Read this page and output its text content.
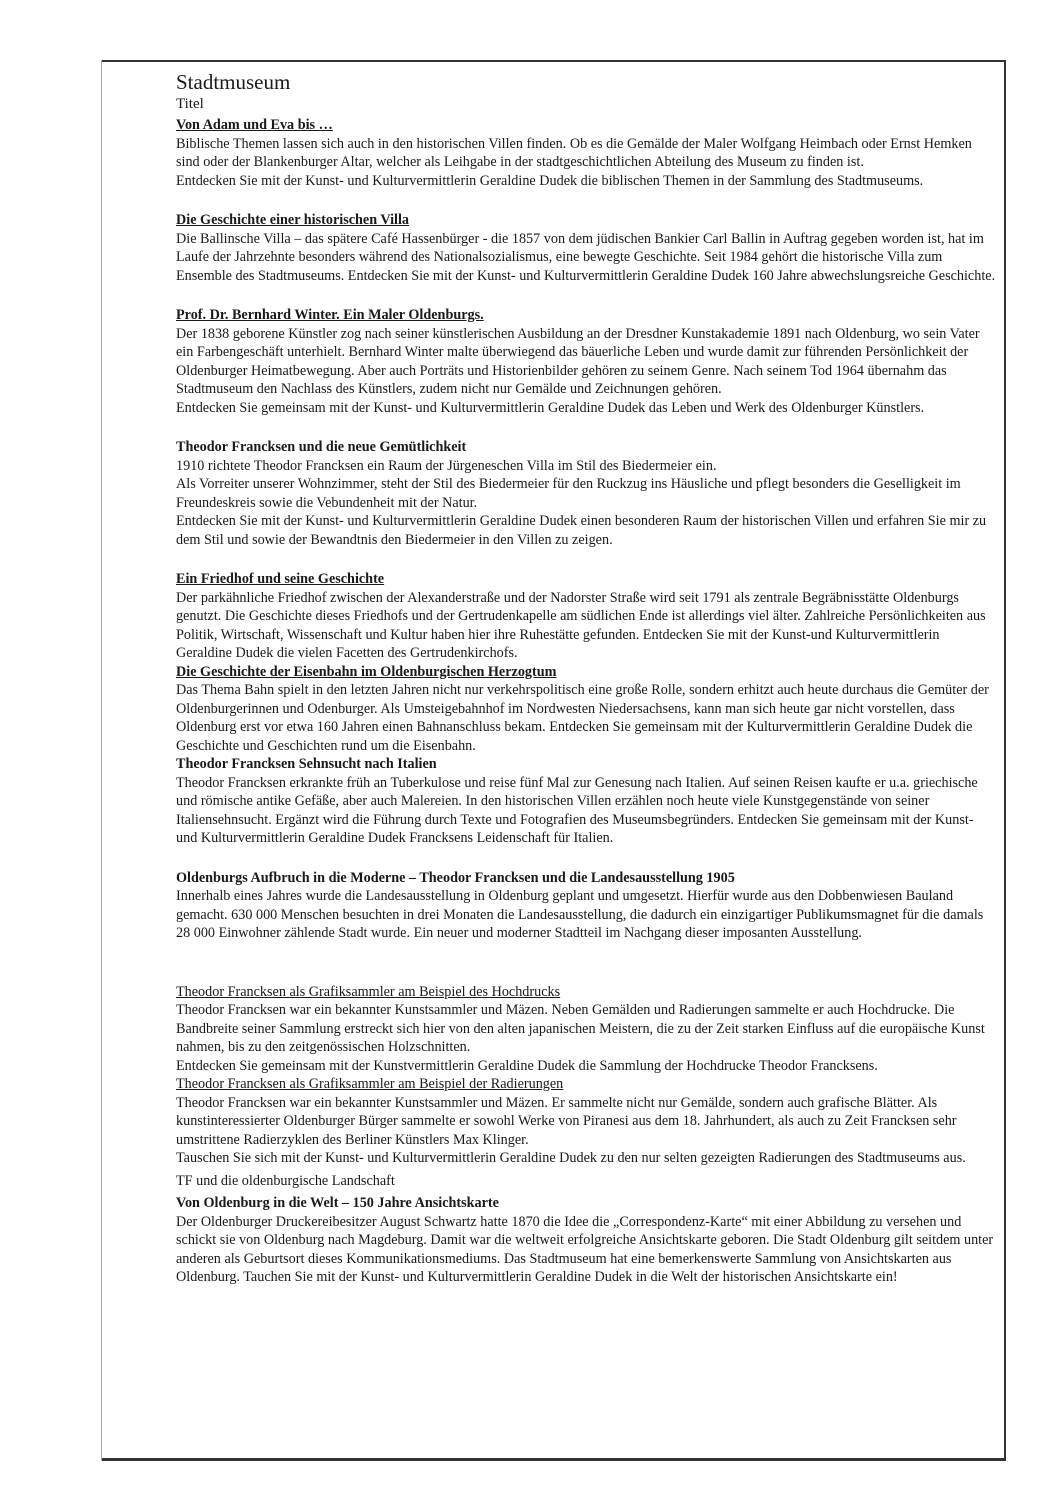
Stadtmuseum

Titel

Von Adam und Eva bis …

Biblische Themen lassen sich auch in den historischen Villen finden. Ob es die Gemälde der Maler Wolfgang Heimbach oder Ernst Hemken sind oder der Blankenburger Altar, welcher als Leihgabe in der stadtgeschichtlichen Abteilung des Museum zu finden ist.

Entdecken Sie mit der Kunst- und Kulturvermittlerin Geraldine Dudek die biblischen Themen in der Sammlung des Stadtmuseums.

Die Geschichte einer historischen Villa

Die Ballinsche Villa – das spätere Café Hassenbürger - die 1857 von dem jüdischen Bankier Carl Ballin in Auftrag gegeben worden ist, hat im Laufe der Jahrzehnte besonders während des Nationalsozialismus, eine bewegte Geschichte. Seit 1984 gehört die historische Villa zum Ensemble des Stadtmuseums. Entdecken Sie mit der Kunst- und Kulturvermittlerin Geraldine Dudek 160 Jahre abwechslungsreiche Geschichte.

Prof. Dr. Bernhard Winter. Ein Maler Oldenburgs.

Der 1838 geborene Künstler zog nach seiner künstlerischen Ausbildung an der Dresdner Kunstakademie 1891 nach Oldenburg, wo sein Vater ein Farbengeschäft unterhielt. Bernhard Winter malte überwiegend das bäuerliche Leben und wurde damit zur führenden Persönlichkeit der Oldenburger Heimatbewegung. Aber auch Porträts und Historienbilder gehören zu seinem Genre. Nach seinem Tod 1964 übernahm das Stadtmuseum den Nachlass des Künstlers, zudem nicht nur Gemälde und Zeichnungen gehören.

Entdecken Sie gemeinsam mit der Kunst- und Kulturvermittlerin Geraldine Dudek das Leben und Werk des Oldenburger Künstlers.

Theodor Francksen und die neue Gemütlichkeit

1910 richtete Theodor Francksen ein Raum der Jürgeneschen Villa im Stil des Biedermeier ein.

Als Vorreiter unserer Wohnzimmer, steht der Stil des Biedermeier für den Ruckzug ins Häusliche und pflegt besonders die Geselligkeit im Freundeskreis sowie die Vebundenheit mit der Natur.

Entdecken Sie mit der Kunst- und Kulturvermittlerin Geraldine Dudek einen besonderen Raum der historischen Villen und erfahren Sie mir zu dem Stil und sowie der Bewandtnis den Biedermeier in den Villen zu zeigen.

Ein Friedhof und seine Geschichte

Der parkähnliche Friedhof zwischen der Alexanderstraße und der Nadorster Straße wird seit 1791 als zentrale Begräbnisstätte Oldenburgs genutzt. Die Geschichte dieses Friedhofs und der Gertrudenkapelle am südlichen Ende ist allerdings viel älter. Zahlreiche Persönlichkeiten aus Politik, Wirtschaft, Wissenschaft und Kultur haben hier ihre Ruhestätte gefunden. Entdecken Sie mit der Kunst-und Kulturvermittlerin Geraldine Dudek die vielen Facetten des Gertrudenkirchofs.

Die Geschichte der Eisenbahn im Oldenburgischen Herzogtum

Das Thema Bahn spielt in den letzten Jahren nicht nur verkehrspolitisch eine große Rolle, sondern erhitzt auch heute durchaus die Gemüter der Oldenburgerinnen und Odenburger. Als Umsteigebahnhof im Nordwesten Niedersachsens, kann man sich heute gar nicht vorstellen, dass Oldenburg erst vor etwa 160 Jahren einen Bahnanschluss bekam. Entdecken Sie gemeinsam mit der Kulturvermittlerin Geraldine Dudek die Geschichte und Geschichten rund um die Eisenbahn.

Theodor Francksen Sehnsucht nach Italien

Theodor Francksen erkrankte früh an Tuberkulose und reise fünf Mal zur Genesung nach Italien. Auf seinen Reisen kaufte er u.a. griechische und römische antike Gefäße, aber auch Malereien. In den historischen Villen erzählen noch heute viele Kunstgegenstände von seiner Italiensehnsucht. Ergänzt wird die Führung durch Texte und Fotografien des Museumsbegründers. Entdecken Sie gemeinsam mit der Kunst- und Kulturvermittlerin Geraldine Dudek Francksens Leidenschaft für Italien.

Oldenburgs Aufbruch in die Moderne – Theodor Francksen und die Landesausstellung 1905

Innerhalb eines Jahres wurde die Landesausstellung in Oldenburg geplant und umgesetzt. Hierfür wurde aus den Dobbenwiesen Bauland gemacht. 630 000 Menschen besuchten in drei Monaten die Landesausstellung, die dadurch ein einzigartiger Publikumsmagnet für die damals 28 000 Einwohner zählende Stadt wurde. Ein neuer und moderner Stadtteil im Nachgang dieser imposanten Ausstellung.

Theodor Francksen als Grafiksammler am Beispiel des Hochdrucks

Theodor Francksen war ein bekannter Kunstsammler und Mäzen. Neben Gemälden und Radierungen sammelte er auch Hochdrucke. Die Bandbreite seiner Sammlung erstreckt sich hier von den alten japanischen Meistern, die zu der Zeit starken Einfluss auf die europäische Kunst nahmen, bis zu den zeitgenössischen Holzschnitten.

Entdecken Sie gemeinsam mit der Kunstvermittlerin Geraldine Dudek die Sammlung der Hochdrucke Theodor Francksens.

Theodor Francksen als Grafiksammler am Beispiel der Radierungen

Theodor Francksen war ein bekannter Kunstsammler und Mäzen. Er sammelte nicht nur Gemälde, sondern auch grafische Blätter. Als kunstinteressierter Oldenburger Bürger sammelte er sowohl Werke von Piranesi aus dem 18. Jahrhundert, als auch zu Zeit Francksen sehr umstrittene Radierzyklen des Berliner Künstlers Max Klinger.

Tauschen Sie sich mit der Kunst- und Kulturvermittlerin Geraldine Dudek zu den nur selten gezeigten Radierungen des Stadtmuseums aus.

TF und die oldenburgische Landschaft

Von Oldenburg in die Welt – 150 Jahre Ansichtskarte

Der Oldenburger Druckereibesitzer August Schwartz hatte 1870 die Idee die „Correspondenz-Karte“ mit einer Abbildung zu versehen und schickt sie von Oldenburg nach Magdeburg. Damit war die weltweit erfolgreiche Ansichtskarte geboren. Die Stadt Oldenburg gilt seitdem unter anderen als Geburtsort dieses Kommunikationsmediums. Das Stadtmuseum hat eine bemerkenswerte Sammlung von Ansichtskarten aus Oldenburg. Tauchen Sie mit der Kunst- und Kulturvermittlerin Geraldine Dudek in die Welt der historischen Ansichtskarte ein!
